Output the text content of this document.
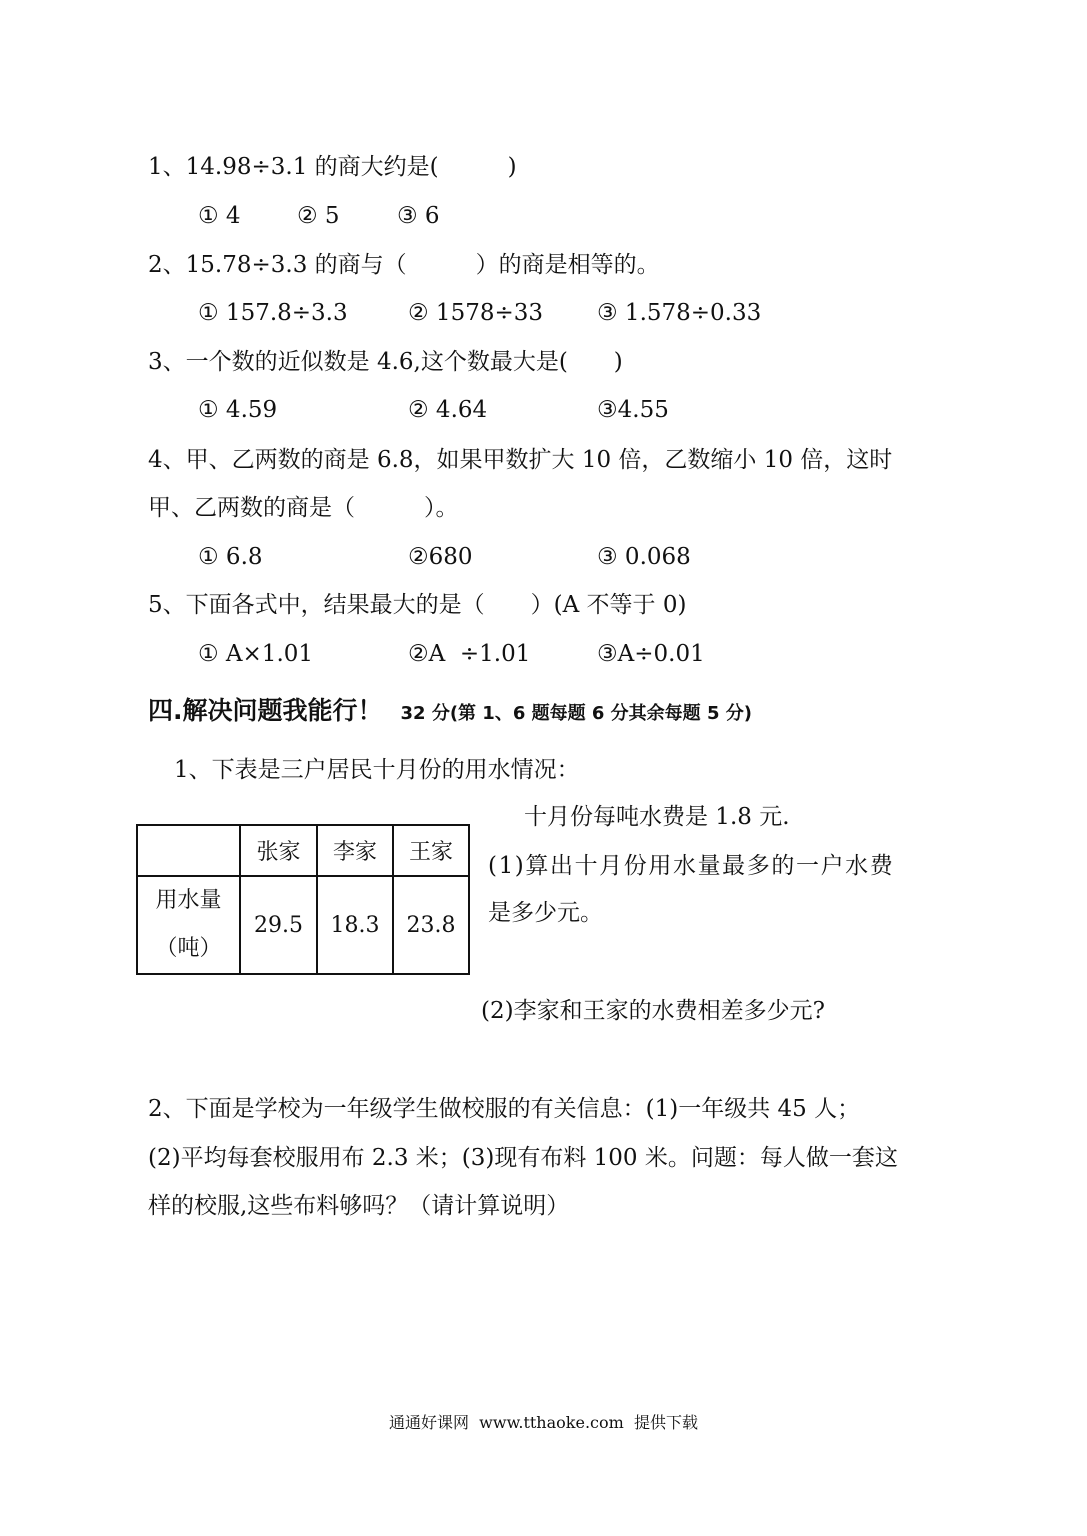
1、14.98÷3.1 的商大约是(　　　)
① 4 ② 5 ③ 6
2、15.78÷3.3 的商与（　　　）的商是相等的。
① 157.8÷3.3	② 1578÷33 ③ 1.578÷0.33
3、一个数的近似数是 4.6,这个数最大是(　　)
① 4.59	② 4.64	③4.55
4、甲、乙两数的商是 6.8，如果甲数扩大 10 倍，乙数缩小 10 倍，这时
甲、乙两数的商是（　　　）。
① 6.8	②680	③ 0.068
5、下面各式中，结果最大的是（　　）(A 不等于 0)
① A×1.01	②A  ÷1.01	③A÷0.01
四.解决问题我能行！ 32 分(第 1、6 题每题 6 分其余每题 5 分)
1、下表是三户居民十月份的用水情况：
	张家	李家	王家

用水量
（吨）	29.5	18.3	23.8
十月份每吨水费是 1.8 元.
(1)算出十月份用水量最多的一户水费
是多少元。
(2)李家和王家的水费相差多少元?
2、下面是学校为一年级学生做校服的有关信息：(1)一年级共 45 人；
(2)平均每套校服用布 2.3 米；(3)现有布料 100 米。问题：每人做一套这
样的校服,这些布料够吗？（请计算说明）
通通好课网  www.tthaoke.com  提供下载
